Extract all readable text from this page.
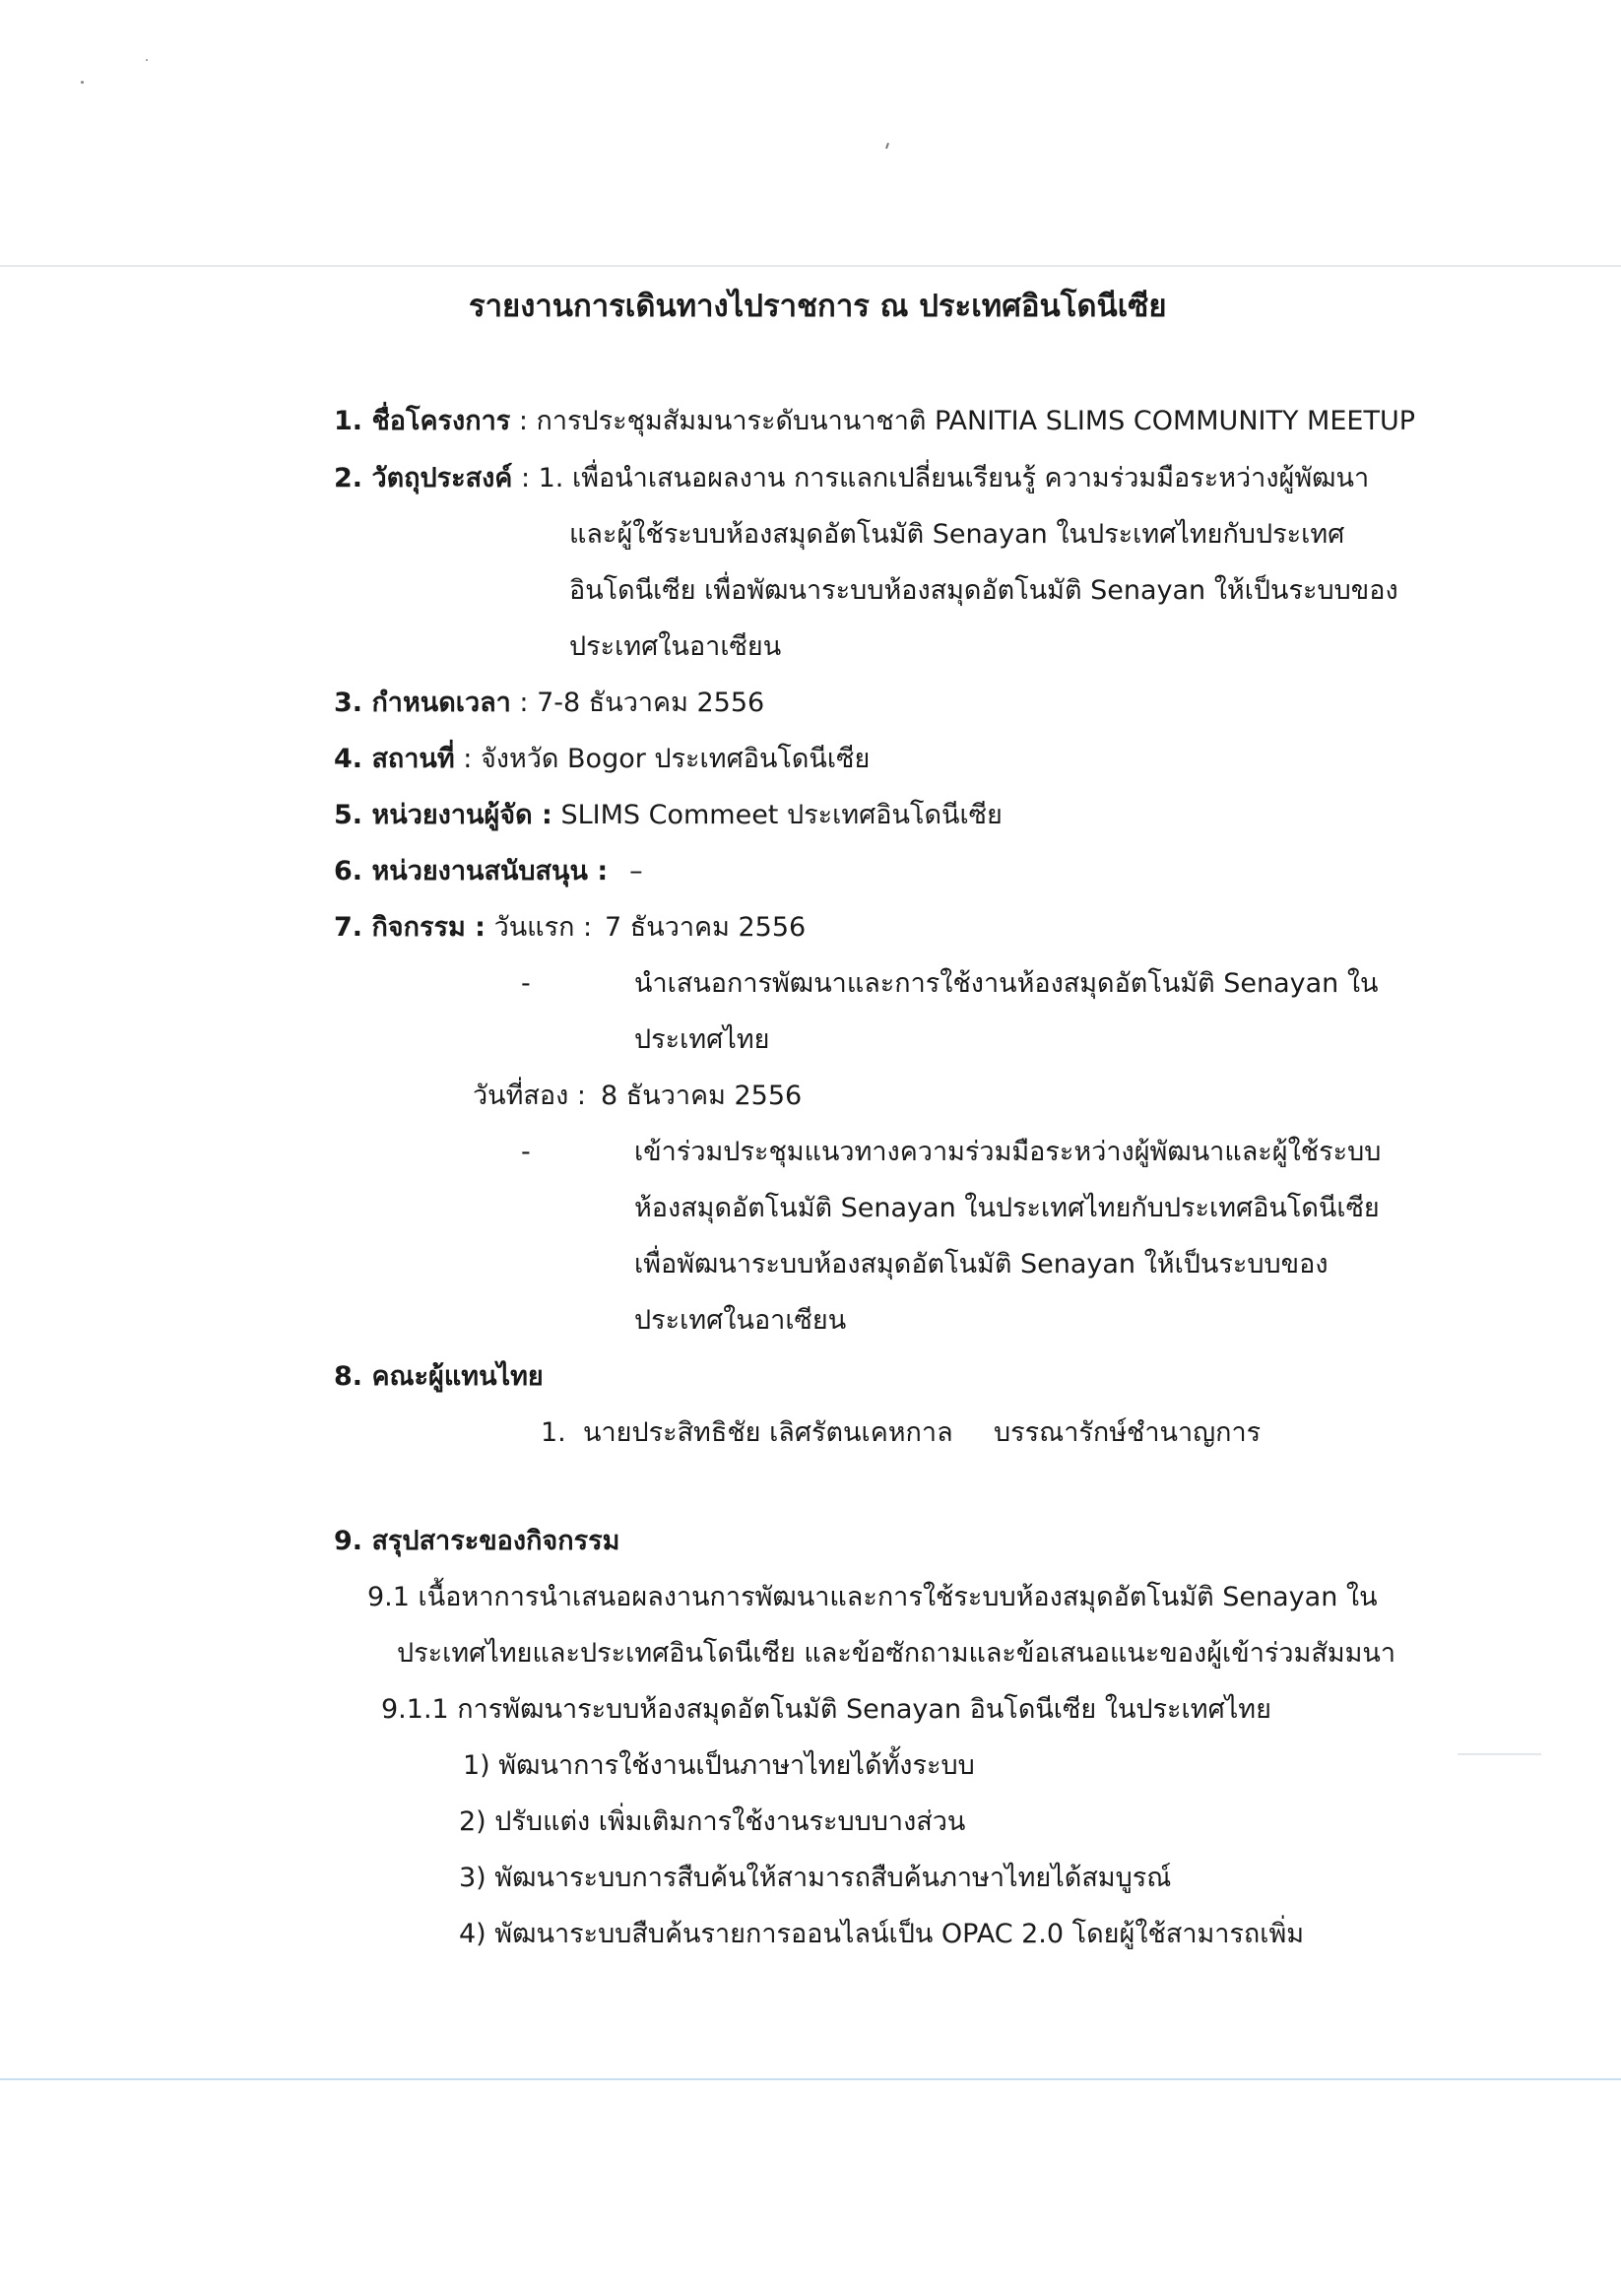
รายงานการเดินทางไปราชการ ณ ประเทศอินโดนีเซีย
1. ชื่อโครงการ : การประชุมสัมมนาระดับนานาชาติ PANITIA SLIMS COMMUNITY MEETUP
2. วัตถุประสงค์ : 1. เพื่อนำเสนอผลงาน การแลกเปลี่ยนเรียนรู้ ความร่วมมือระหว่างผู้พัฒนา
และผู้ใช้ระบบห้องสมุดอัตโนมัติ Senayan ในประเทศไทยกับประเทศ
อินโดนีเซีย เพื่อพัฒนาระบบห้องสมุดอัตโนมัติ Senayan ให้เป็นระบบของ
ประเทศในอาเซียน
3. กำหนดเวลา : 7-8 ธันวาคม 2556
4. สถานที่ : จังหวัด Bogor ประเทศอินโดนีเซีย
5. หน่วยงานผู้จัด : SLIMS Commeet ประเทศอินโดนีเซีย
6. หน่วยงานสนับสนุน : –
7. กิจกรรม : วันแรก : 7 ธันวาคม 2556
-	นำเสนอการพัฒนาและการใช้งานห้องสมุดอัตโนมัติ Senayan ใน
ประเทศไทย
วันที่สอง : 8 ธันวาคม 2556
-	เข้าร่วมประชุมแนวทางความร่วมมือระหว่างผู้พัฒนาและผู้ใช้ระบบ
ห้องสมุดอัตโนมัติ Senayan ในประเทศไทยกับประเทศอินโดนีเซีย
เพื่อพัฒนาระบบห้องสมุดอัตโนมัติ Senayan ให้เป็นระบบของ
ประเทศในอาเซียน
8. คณะผู้แทนไทย
1. นายประสิทธิชัย เลิศรัตนเคหกาล บรรณารักษ์ชำนาญการ
9. สรุปสาระของกิจกรรม
9.1 เนื้อหาการนำเสนอผลงานการพัฒนาและการใช้ระบบห้องสมุดอัตโนมัติ Senayan ใน
ประเทศไทยและประเทศอินโดนีเซีย และข้อซักถามและข้อเสนอแนะของผู้เข้าร่วมสัมมนา
9.1.1 การพัฒนาระบบห้องสมุดอัตโนมัติ Senayan อินโดนีเซีย ในประเทศไทย
1) พัฒนาการใช้งานเป็นภาษาไทยได้ทั้งระบบ
2) ปรับแต่ง เพิ่มเติมการใช้งานระบบบางส่วน
3) พัฒนาระบบการสืบค้นให้สามารถสืบค้นภาษาไทยได้สมบูรณ์
4) พัฒนาระบบสืบค้นรายการออนไลน์เป็น OPAC 2.0 โดยผู้ใช้สามารถเพิ่ม
